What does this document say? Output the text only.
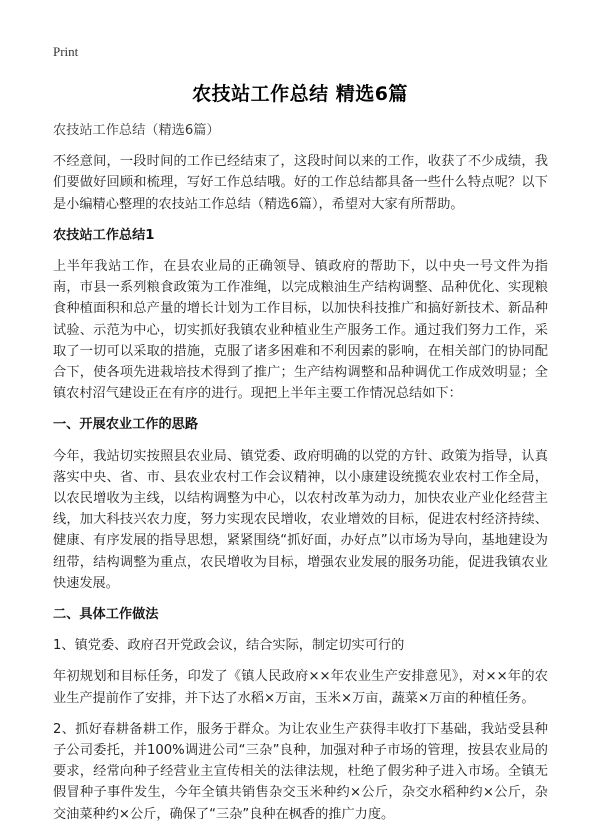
Print
农技站工作总结 精选6篇

农技站工作总结（精选6篇）

不经意间，一段时间的工作已经结束了，这段时间以来的工作，收获了不少成绩，我们要做好回顾和梳理，写好工作总结哦。好的工作总结都具备一些什么特点呢？以下是小编精心整理的农技站工作总结（精选6篇），希望对大家有所帮助。

农技站工作总结1

上半年我站工作，在县农业局的正确领导、镇政府的帮助下，以中央一号文件为指南，市县一系列粮食政策为工作准绳，以完成粮油生产结构调整、品种优化、实现粮食种植面积和总产量的增长计划为工作目标，以加快科技推广和搞好新技术、新品种试验、示范为中心，切实抓好我镇农业种植业生产服务工作。通过我们努力工作，采取了一切可以采取的措施，克服了诸多困难和不利因素的影响，在相关部门的协同配合下，使各项先进栽培技术得到了推广；生产结构调整和品种调优工作成效明显；全镇农村沼气建设正在有序的进行。现把上半年主要工作情况总结如下：

一、开展农业工作的思路

今年，我站切实按照县农业局、镇党委、政府明确的以党的方针、政策为指导，认真落实中央、省、市、县农业农村工作会议精神，以小康建设统揽农业农村工作全局，以农民增收为主线，以结构调整为中心，以农村改革为动力，加快农业产业化经营主线，加大科技兴农力度，努力实现农民增收，农业增效的目标，促进农村经济持续、健康、有序发展的指导思想，紧紧围绕“抓好面，办好点”以市场为导向，基地建设为纽带，结构调整为重点，农民增收为目标，增强农业发展的服务功能，促进我镇农业快速发展。

二、具体工作做法

1、镇党委、政府召开党政会议，结合实际，制定切实可行的

年初规划和目标任务，印发了《镇人民政府××年农业生产安排意见》，对××年的农业生产提前作了安排，并下达了水稻×万亩，玉米×万亩，蔬菜×万亩的种植任务。

2、抓好春耕备耕工作，服务于群众。为让农业生产获得丰收打下基础，我站受县种子公司委托，并100%调进公司“三杂”良种，加强对种子市场的管理，按县农业局的要求，经常向种子经营业主宣传相关的法律法规，杜绝了假劣种子进入市场。全镇无假冒种子事件发生，今年全镇共销售杂交玉米种约×公斤，杂交水稻种约×公斤，杂交油菜种约×公斤，确保了“三杂”良种在枫香的推广力度。
